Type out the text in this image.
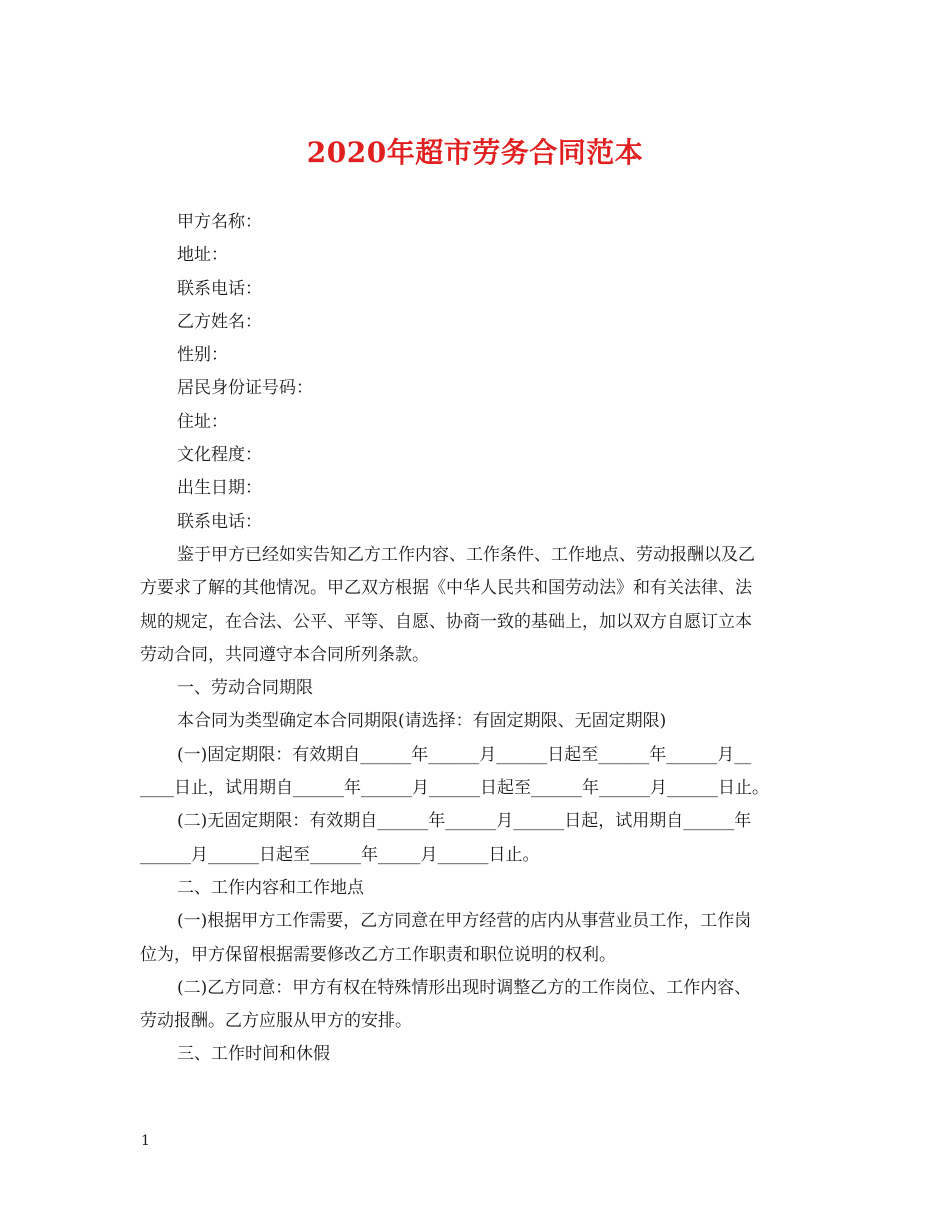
2020年超市劳务合同范本
甲方名称：
地址：
联系电话：
乙方姓名：
性别：
居民身份证号码：
住址：
文化程度：
出生日期：
联系电话：
鉴于甲方已经如实告知乙方工作内容、工作条件、工作地点、劳动报酬以及乙
方要求了解的其他情况。甲乙双方根据《中华人民共和国劳动法》和有关法律、法
规的规定，在合法、公平、平等、自愿、协商一致的基础上，加以双方自愿订立本
劳动合同，共同遵守本合同所列条款。
一、劳动合同期限
本合同为类型确定本合同期限(请选择：有固定期限、无固定期限)
(一)固定期限：有效期自______年______月______日起至______年______月__
____日止，试用期自______年______月______日起至______年______月______日止。
(二)无固定期限：有效期自______年______月______日起，试用期自______年
______月______日起至______年_____月______日止。
二、工作内容和工作地点
(一)根据甲方工作需要，乙方同意在甲方经营的店内从事营业员工作，工作岗
位为，甲方保留根据需要修改乙方工作职责和职位说明的权利。
(二)乙方同意：甲方有权在特殊情形出现时调整乙方的工作岗位、工作内容、
劳动报酬。乙方应服从甲方的安排。
三、工作时间和休假
1
